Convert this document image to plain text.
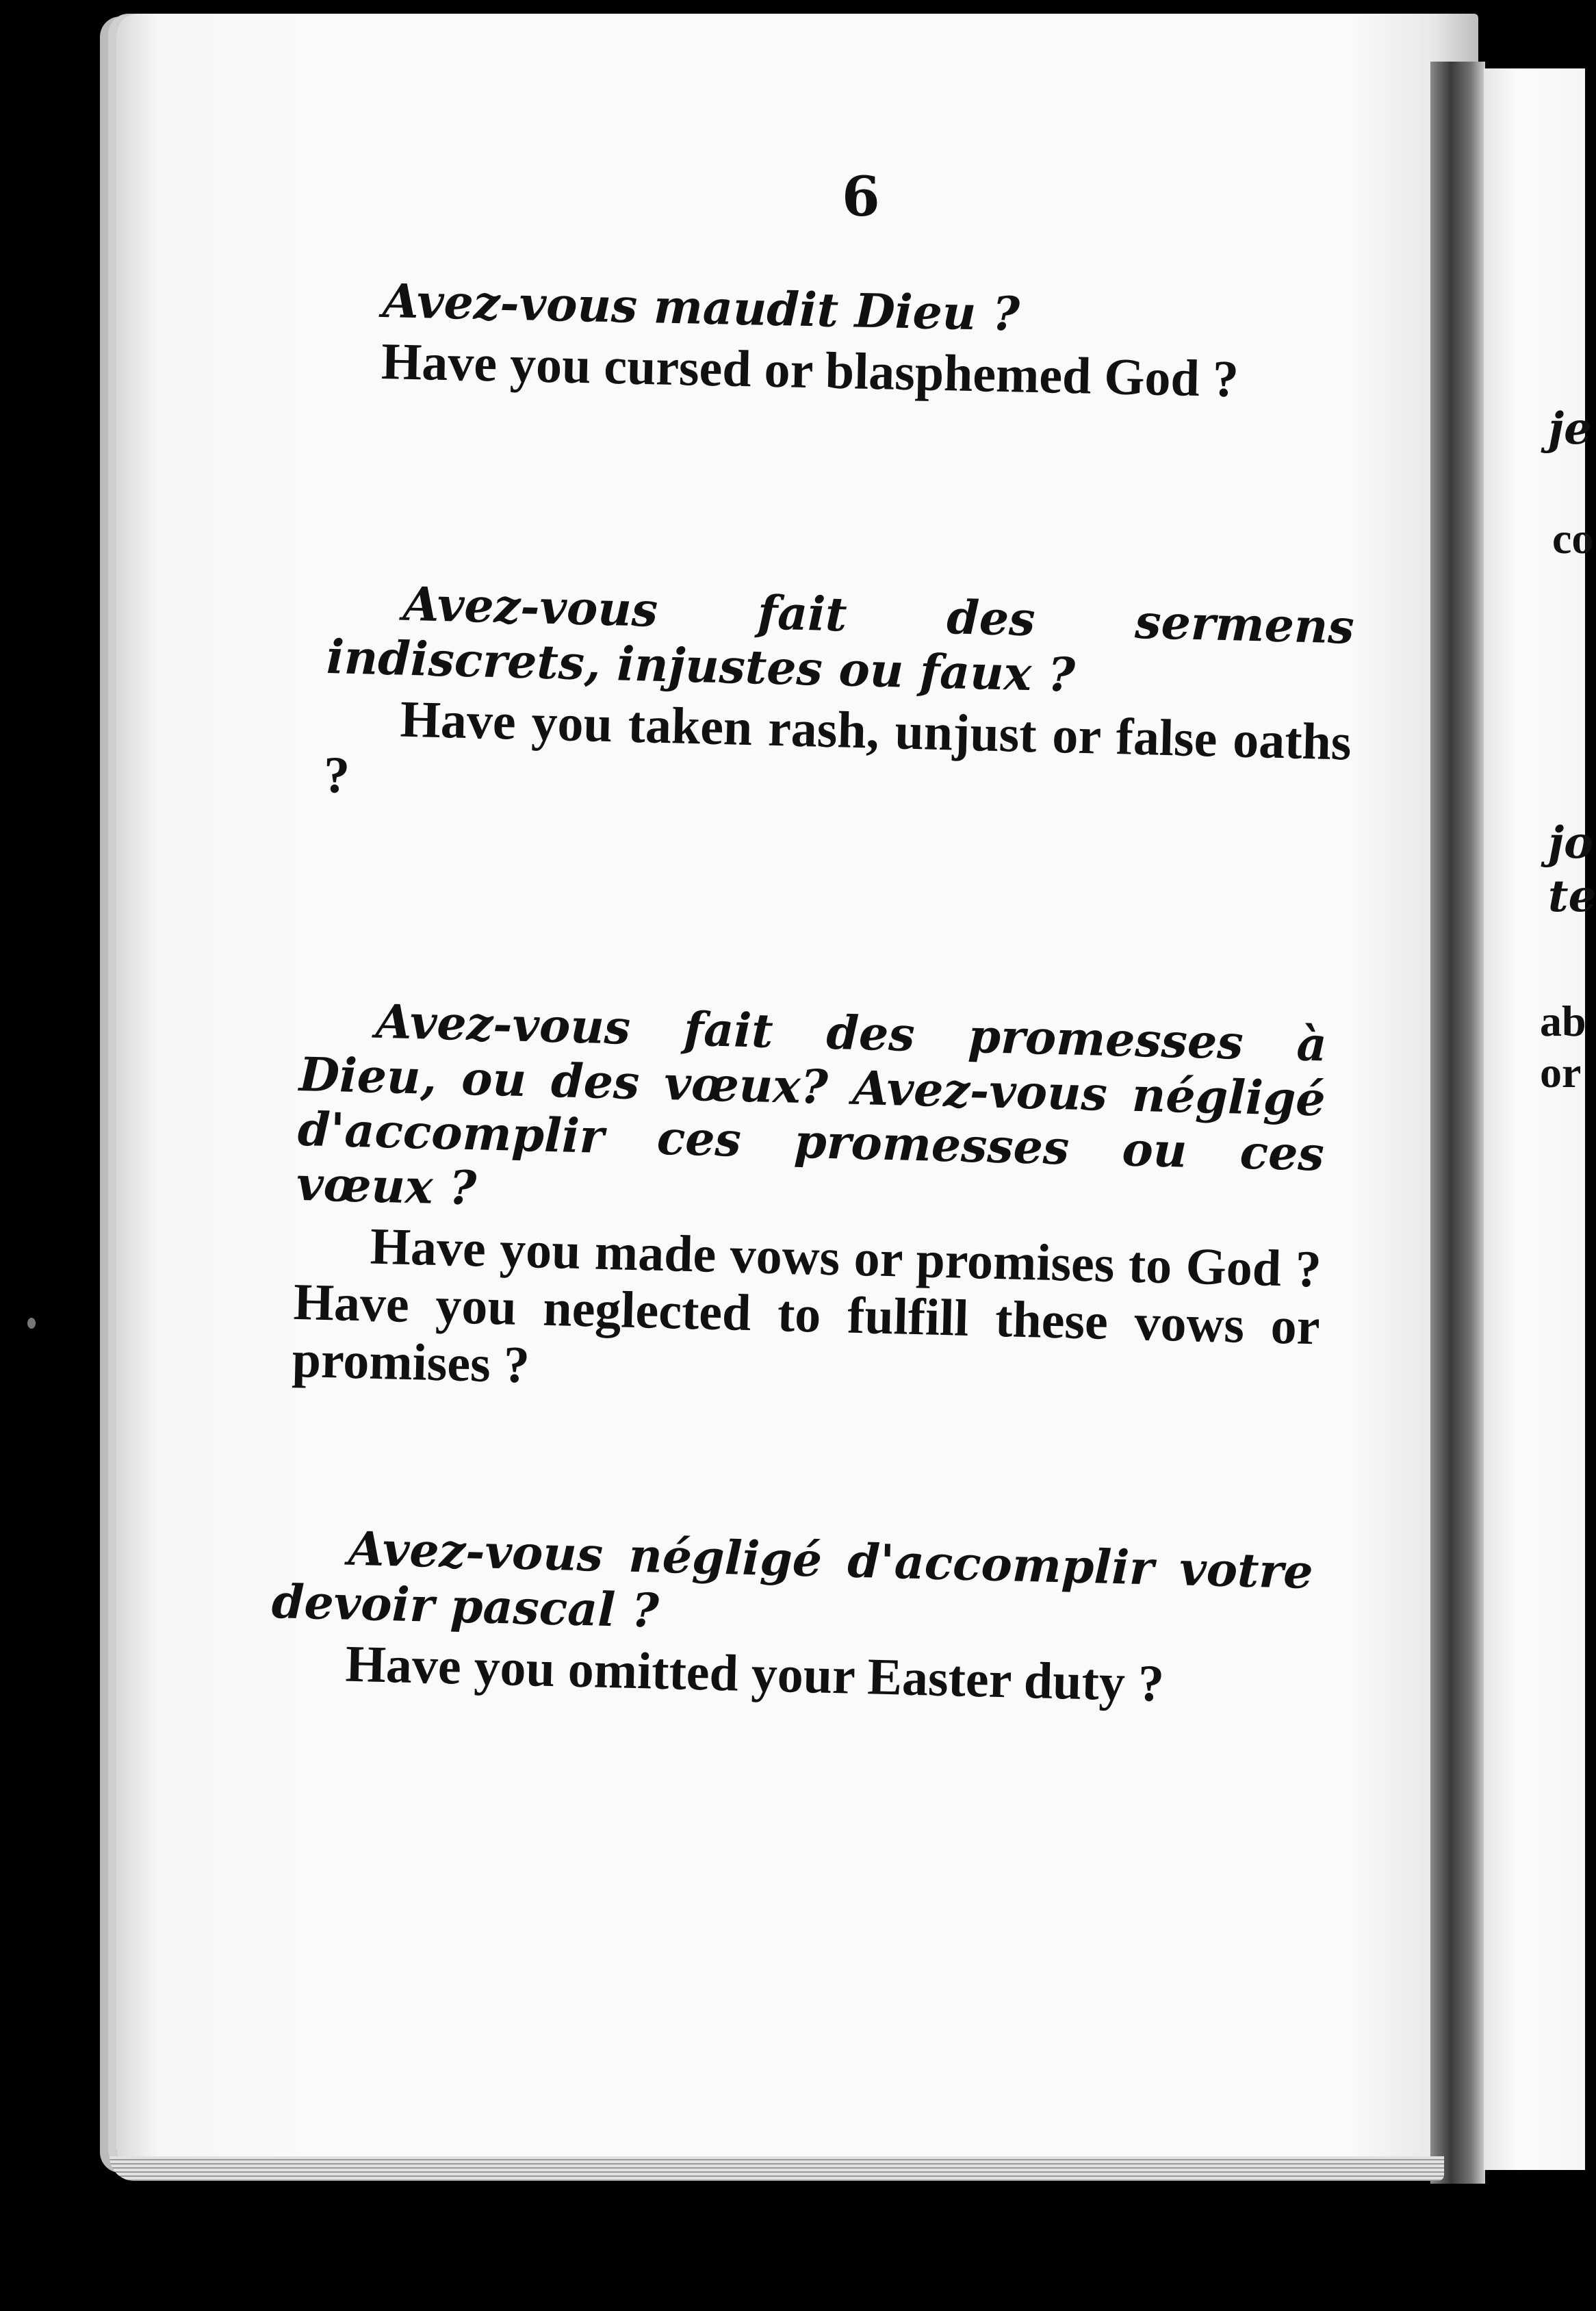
6
Avez-vous maudit Dieu ?
Have you cursed or blasphemed God ?
Avez-vous fait des sermens indiscrets, injustes ou faux ?
Have you taken rash, unjust or false oaths ?
Avez-vous fait des promesses à Dieu, ou des vœux? Avez-vous négligé d'accomplir ces promesses ou ces vœux ?
Have you made vows or promises to God ? Have you neglected to fulfill these vows or promises ?
Avez-vous négligé d'accomplir votre devoir pascal ?
Have you omitted your Easter duty ?
je
co
jo
te
ab
or
